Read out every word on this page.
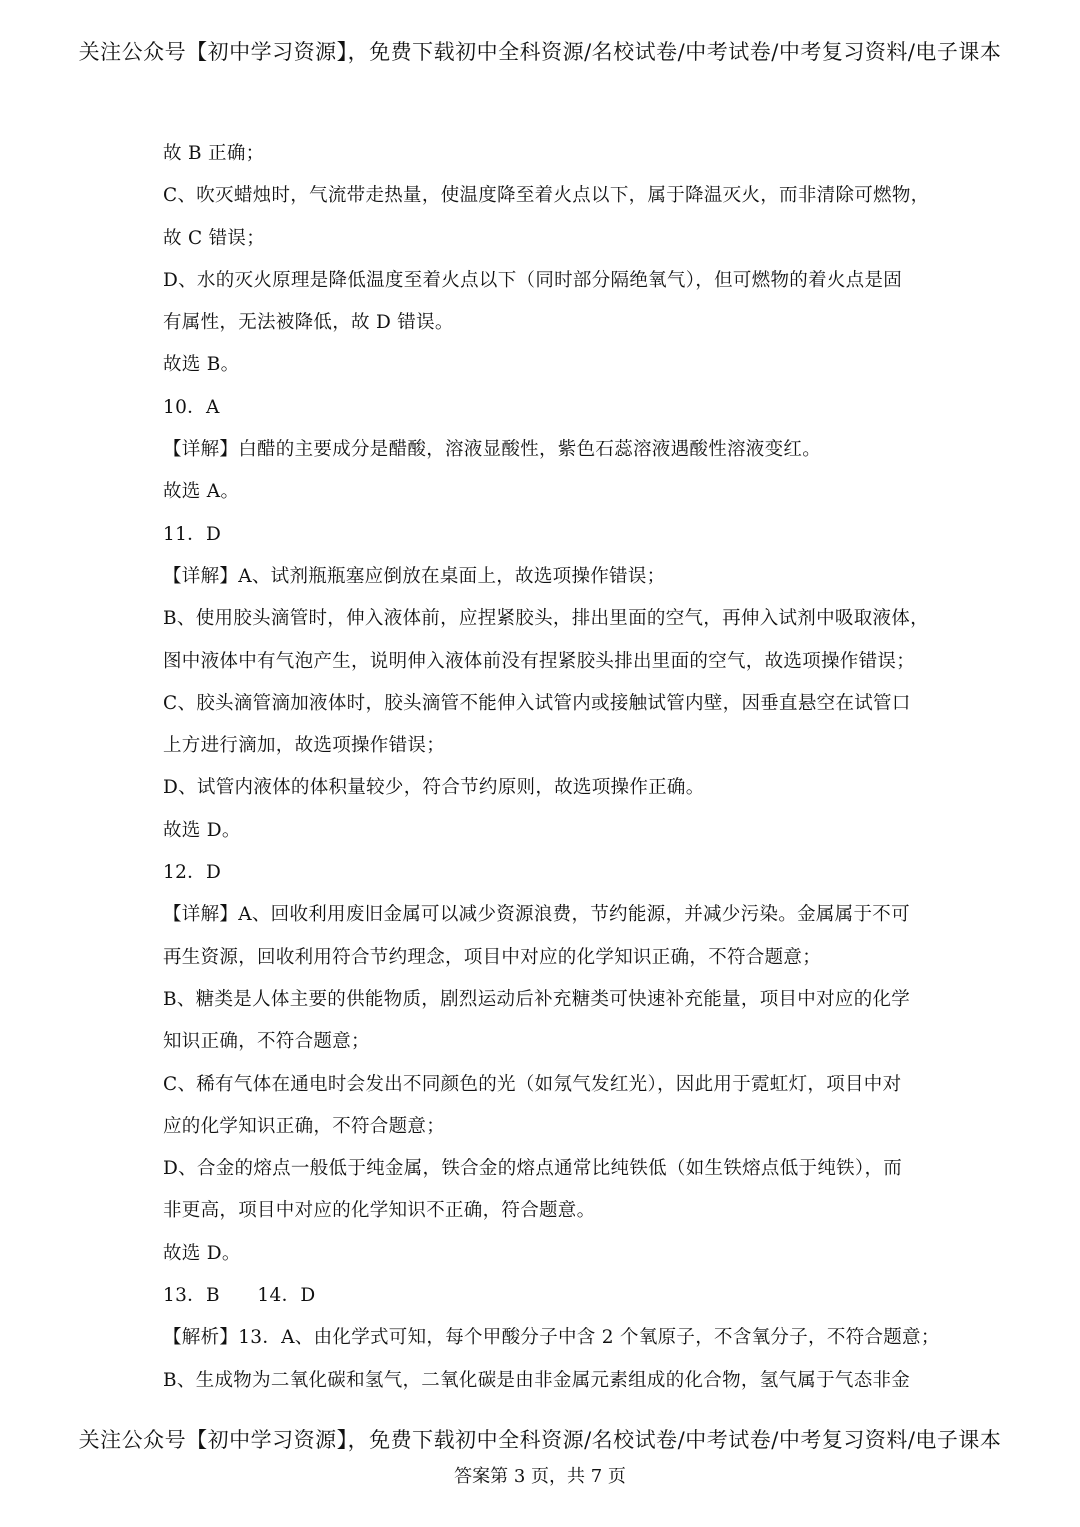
关注公众号【初中学习资源】，免费下载初中全科资源/名校试卷/中考试卷/中考复习资料/电子课本
故 B 正确；
C、吹灭蜡烛时，气流带走热量，使温度降至着火点以下，属于降温灭火，而非清除可燃物，
故 C 错误；
D、水的灭火原理是降低温度至着火点以下（同时部分隔绝氧气），但可燃物的着火点是固
有属性，无法被降低，故 D 错误。
故选 B。
10．A
【详解】白醋的主要成分是醋酸，溶液显酸性，紫色石蕊溶液遇酸性溶液变红。
故选 A。
11．D
【详解】A、试剂瓶瓶塞应倒放在桌面上，故选项操作错误；
B、使用胶头滴管时，伸入液体前，应捏紧胶头，排出里面的空气，再伸入试剂中吸取液体，
图中液体中有气泡产生，说明伸入液体前没有捏紧胶头排出里面的空气，故选项操作错误；
C、胶头滴管滴加液体时，胶头滴管不能伸入试管内或接触试管内壁，因垂直悬空在试管口
上方进行滴加，故选项操作错误；
D、试管内液体的体积量较少，符合节约原则，故选项操作正确。
故选 D。
12．D
【详解】A、回收利用废旧金属可以减少资源浪费，节约能源，并减少污染。金属属于不可
再生资源，回收利用符合节约理念，项目中对应的化学知识正确，不符合题意；
B、糖类是人体主要的供能物质，剧烈运动后补充糖类可快速补充能量，项目中对应的化学
知识正确，不符合题意；
C、稀有气体在通电时会发出不同颜色的光（如氖气发红光），因此用于霓虹灯，项目中对
应的化学知识正确，不符合题意；
D、合金的熔点一般低于纯金属，铁合金的熔点通常比纯铁低（如生铁熔点低于纯铁），而
非更高，项目中对应的化学知识不正确，符合题意。
故选 D。
13．B　　14．D
【解析】13．A、由化学式可知，每个甲酸分子中含 2 个氧原子，不含氧分子，不符合题意；
B、生成物为二氧化碳和氢气，二氧化碳是由非金属元素组成的化合物，氢气属于气态非金
关注公众号【初中学习资源】，免费下载初中全科资源/名校试卷/中考试卷/中考复习资料/电子课本
答案第 3 页，共 7 页
